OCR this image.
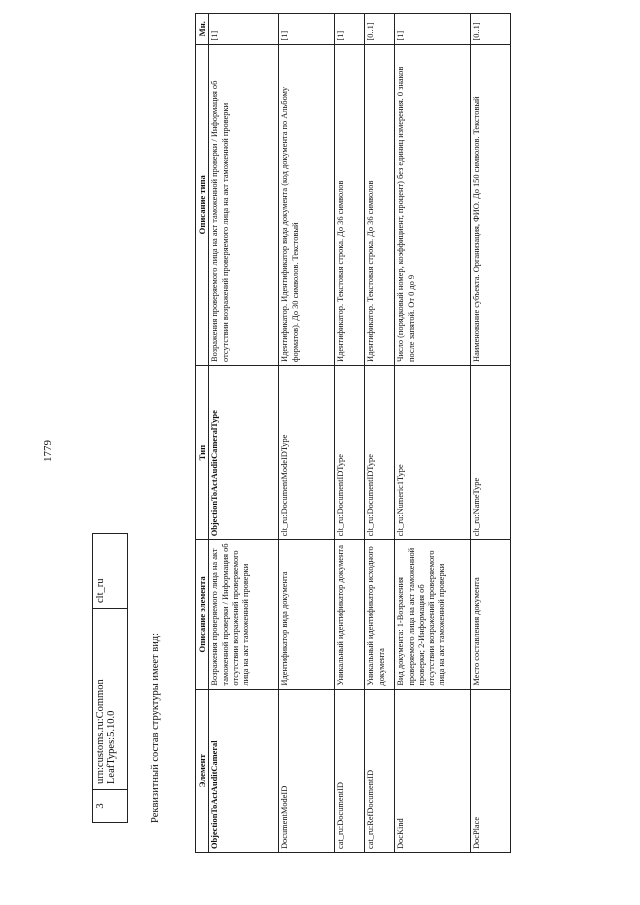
1779
3	urn:customs.ru:Common LeafTypes:5.10.0	clt_ru
Реквизитный состав структуры имеет вид:	Элемент	Описание элемента	Тип	Описание типа	Мн.
ObjectionToActAuditCameral	Возражения проверяемого лица на акт таможенной проверки / Информация об отсутствии возражений проверяемого лица на акт таможенной проверки	ObjectionToActAuditCameralType	Возражения проверяемого лица на акт таможенной проверки / Информация об отсутствии возражений проверяемого лица на акт таможенной проверки	[1]
DocumentModeID	Идентификатор вида документа	clt_ru:DocumentModeIDType	Идентификатор. Идентификатор вида документа (код документа по Альбому форматов). До 30 символов. Текстовый	[1]
cat_ru:DocumentID	Уникальный идентификатор документа	clt_ru:DocumentIDType	Идентификатор. Текстовая строка. До 36 символов	[1]
cat_ru:RefDocumentID	Уникальный идентификатор исходного документа	clt_ru:DocumentIDType	Идентификатор. Текстовая строка. До 36 символов	[0..1]
DocKind	Вид документа: 1-Возражения проверяемого лица на акт таможенной проверки; 2-Информация об отсутствии возражений проверяемого лица на акт таможенной проверки	clt_ru:Numeric1Type	Число (порядковый номер, коэффициент, процент) без единиц измерения. 0 знаков после запятой. От 0 до 9	[1]
DocPlace	Место составления документа	clt_ru:NameType	Наименование субъекта. Организация, ФИО. До 150 символов. Текстовый	[0..1]
